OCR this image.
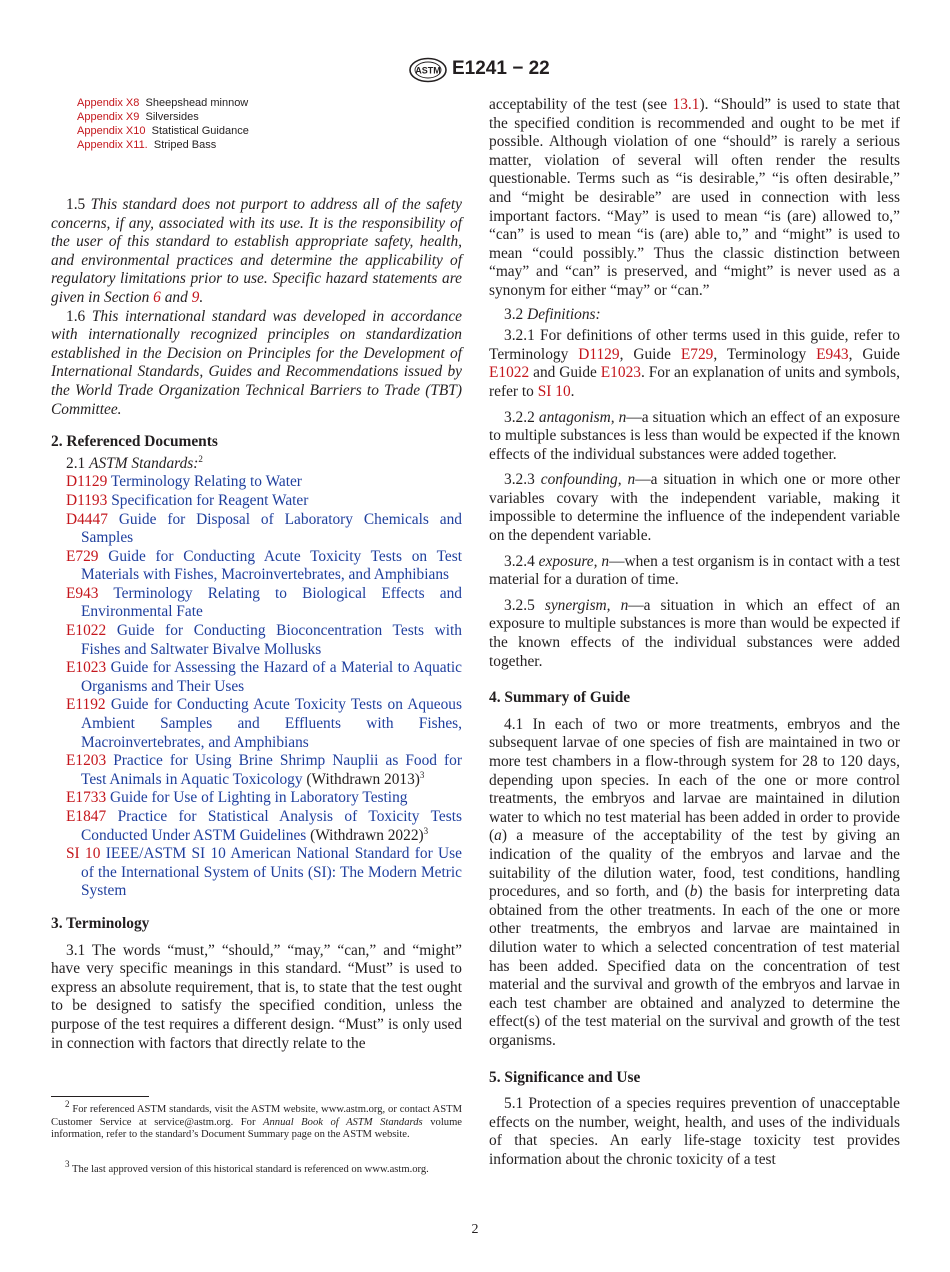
ASTM E1241 − 22
Appendix X8 Sheepshead minnow
Appendix X9 Silversides
Appendix X10 Statistical Guidance
Appendix X11. Striped Bass

1.5 This standard does not purport to address all of the safety concerns, if any, associated with its use. It is the responsibility of the user of this standard to establish appropriate safety, health, and environmental practices and determine the applicability of regulatory limitations prior to use. Specific hazard statements are given in Section 6 and 9.

1.6 This international standard was developed in accordance with internationally recognized principles on standardization established in the Decision on Principles for the Development of International Standards, Guides and Recommendations issued by the World Trade Organization Technical Barriers to Trade (TBT) Committee.

2. Referenced Documents

2.1 ASTM Standards:$^2$

D1129 Terminology Relating to Water

D1193 Specification for Reagent Water

D4447 Guide for Disposal of Laboratory Chemicals and Samples

E729 Guide for Conducting Acute Toxicity Tests on Test Materials with Fishes, Macroinvertebrates, and Amphibians

E943 Terminology Relating to Biological Effects and Environmental Fate

E1022 Guide for Conducting Bioconcentration Tests with Fishes and Saltwater Bivalve Mollusks

E1023 Guide for Assessing the Hazard of a Material to Aquatic Organisms and Their Uses

E1192 Guide for Conducting Acute Toxicity Tests on Aqueous Ambient Samples and Effluents with Fishes, Macroinvertebrates, and Amphibians

E1203 Practice for Using Brine Shrimp Nauplii as Food for Test Animals in Aquatic Toxicology (Withdrawn 2013)$^3$

E1733 Guide for Use of Lighting in Laboratory Testing

E1847 Practice for Statistical Analysis of Toxicity Tests Conducted Under ASTM Guidelines (Withdrawn 2022)$^3$

SI 10 IEEE/ASTM SI 10 American National Standard for Use of the International System of Units (SI): The Modern Metric System

3. Terminology

3.1 The words “must,” “should,” “may,” “can,” and “might” have very specific meanings in this standard. “Must” is used to express an absolute requirement, that is, to state that the test ought to be designed to satisfy the specified condition, unless the purpose of the test requires a different design. “Must” is only used in connection with factors that directly relate to the

$^2$ For referenced ASTM standards, visit the ASTM website, www.astm.org, or contact ASTM Customer Service at service@astm.org. For Annual Book of ASTM Standards volume information, refer to the standard’s Document Summary page on the ASTM website.
$^3$ The last approved version of this historical standard is referenced on www.astm.org.

acceptability of the test (see 13.1). “Should” is used to state that the specified condition is recommended and ought to be met if possible. Although violation of one “should” is rarely a serious matter, violation of several will often render the results questionable. Terms such as “is desirable,” “is often desirable,” and “might be desirable” are used in connection with less important factors. “May” is used to mean “is (are) allowed to,” “can” is used to mean “is (are) able to,” and “might” is used to mean “could possibly.” Thus the classic distinction between “may” and “can” is preserved, and “might” is never used as a synonym for either “may” or “can.”

3.2 Definitions:

3.2.1 For definitions of other terms used in this guide, refer to Terminology D1129, Guide E729, Terminology E943, Guide E1022 and Guide E1023. For an explanation of units and symbols, refer to SI 10.

3.2.2 antagonism, n—a situation which an effect of an exposure to multiple substances is less than would be expected if the known effects of the individual substances were added together.

3.2.3 confounding, n—a situation in which one or more other variables covary with the independent variable, making it impossible to determine the influence of the independent variable on the dependent variable.

3.2.4 exposure, n—when a test organism is in contact with a test material for a duration of time.

3.2.5 synergism, n—a situation in which an effect of an exposure to multiple substances is more than would be expected if the known effects of the individual substances were added together.

4. Summary of Guide

4.1 In each of two or more treatments, embryos and the subsequent larvae of one species of fish are maintained in two or more test chambers in a flow-through system for 28 to 120 days, depending upon species. In each of the one or more control treatments, the embryos and larvae are maintained in dilution water to which no test material has been added in order to provide (a) a measure of the acceptability of the test by giving an indication of the quality of the embryos and larvae and the suitability of the dilution water, food, test conditions, handling procedures, and so forth, and (b) the basis for interpreting data obtained from the other treatments. In each of the one or more other treatments, the embryos and larvae are maintained in dilution water to which a selected concentration of test material has been added. Specified data on the concentration of test material and the survival and growth of the embryos and larvae in each test chamber are obtained and analyzed to determine the effect(s) of the test material on the survival and growth of the test organisms.

5. Significance and Use

5.1 Protection of a species requires prevention of unacceptable effects on the number, weight, health, and uses of the individuals of that species. An early life-stage toxicity test provides information about the chronic toxicity of a test

2
